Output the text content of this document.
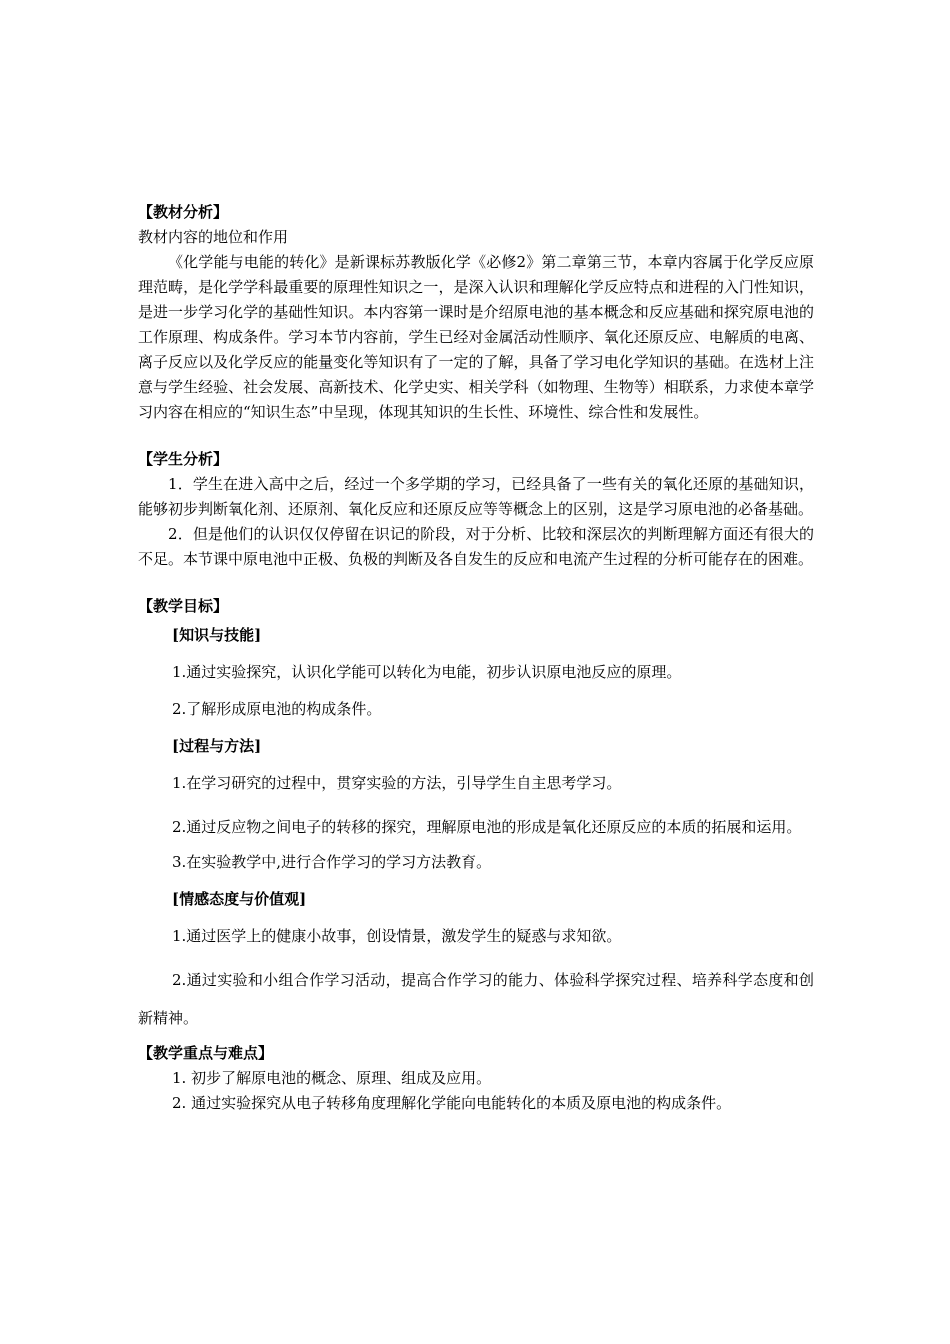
【教材分析】
教材内容的地位和作用
《化学能与电能的转化》是新课标苏教版化学《必修2》第二章第三节，本章内容属于化学反应原理范畴，是化学学科最重要的原理性知识之一，是深入认识和理解化学反应特点和进程的入门性知识，是进一步学习化学的基础性知识。本内容第一课时是介绍原电池的基本概念和反应基础和探究原电池的工作原理、构成条件。学习本节内容前，学生已经对金属活动性顺序、氧化还原反应、电解质的电离、离子反应以及化学反应的能量变化等知识有了一定的了解，具备了学习电化学知识的基础。在选材上注意与学生经验、社会发展、高新技术、化学史实、相关学科（如物理、生物等）相联系，力求使本章学习内容在相应的“知识生态”中呈现，体现其知识的生长性、环境性、综合性和发展性。
【学生分析】
1．学生在进入高中之后，经过一个多学期的学习，已经具备了一些有关的氧化还原的基础知识，能够初步判断氧化剂、还原剂、氧化反应和还原反应等等概念上的区别，这是学习原电池的必备基础。
2．但是他们的认识仅仅停留在识记的阶段，对于分析、比较和深层次的判断理解方面还有很大的不足。本节课中原电池中正极、负极的判断及各自发生的反应和电流产生过程的分析可能存在的困难。
【教学目标】
[知识与技能]
1.通过实验探究，认识化学能可以转化为电能，初步认识原电池反应的原理。
2.了解形成原电池的构成条件。
[过程与方法]
1.在学习研究的过程中，贯穿实验的方法，引导学生自主思考学习。
2.通过反应物之间电子的转移的探究，理解原电池的形成是氧化还原反应的本质的拓展和运用。
3.在实验教学中,进行合作学习的学习方法教育。
[情感态度与价值观]
1.通过医学上的健康小故事，创设情景，激发学生的疑惑与求知欲。
2.通过实验和小组合作学习活动，提高合作学习的能力、体验科学探究过程、培养科学态度和创新精神。
【教学重点与难点】
1. 初步了解原电池的概念、原理、组成及应用。
2. 通过实验探究从电子转移角度理解化学能向电能转化的本质及原电池的构成条件。
